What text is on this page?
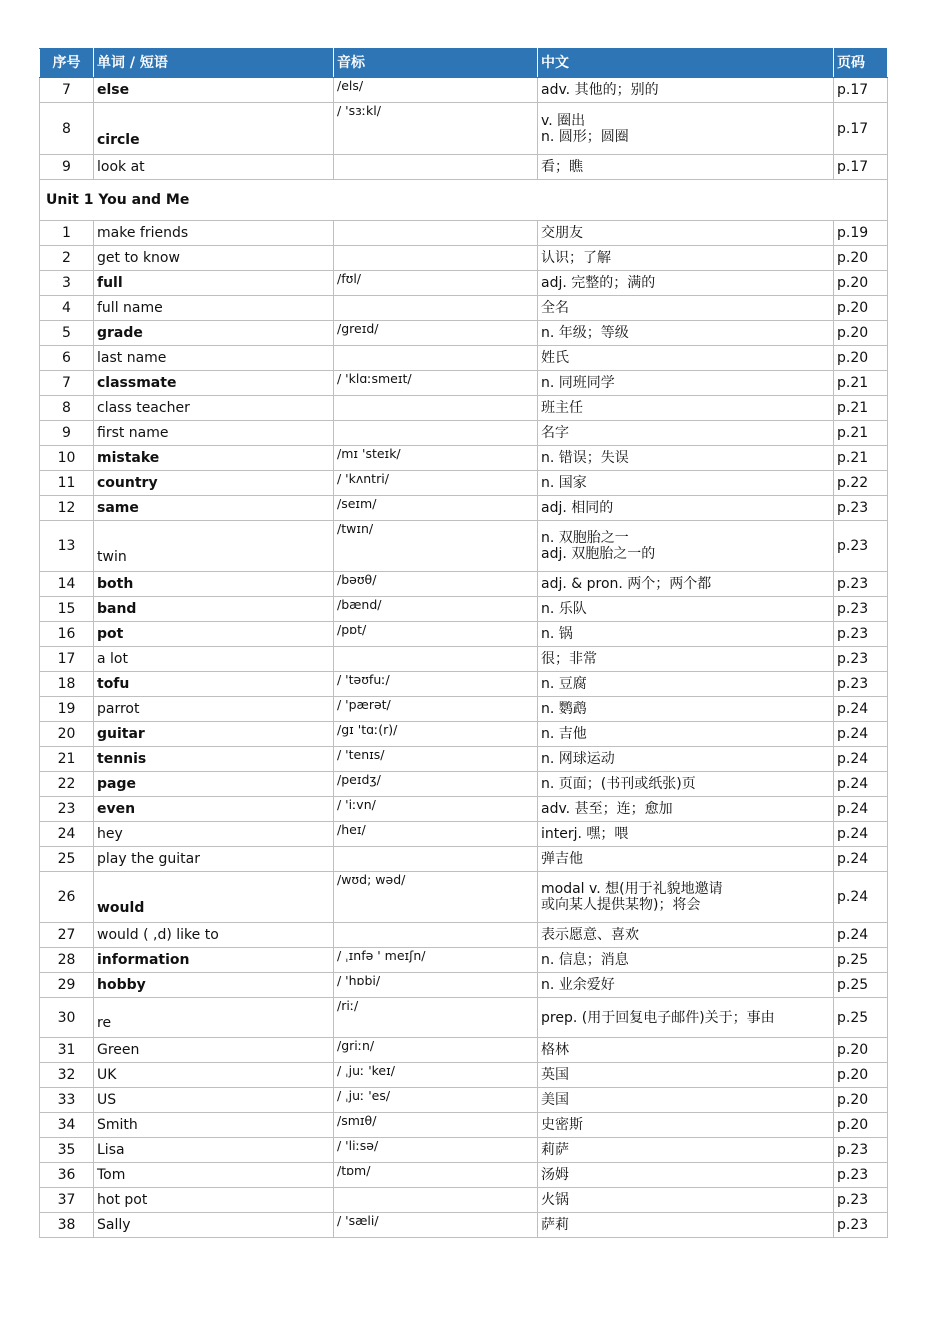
序号	单词 / 短语	音标	中文	页码
7	else	/els/	adv. 其他的；别的	p.17
8	circle	/ 'sɜːkl/	v. 圈出
n. 圆形；圆圈	p.17
9	look at		看；瞧	p.17
Unit 1 You and Me				
1	make friends		交朋友	p.19
2	get to know		认识；了解	p.20
3	full	/fʊl/	adj. 完整的；满的	p.20
4	full name		全名	p.20
5	grade	/greɪd/	n. 年级；等级	p.20
6	last name		姓氏	p.20
7	classmate	/ 'klɑːsmeɪt/	n. 同班同学	p.21
8	class teacher		班主任	p.21
9	first name		名字	p.21
10	mistake	/mɪ 'steɪk/	n. 错误；失误	p.21
11	country	/ 'kʌntri/	n. 国家	p.22
12	same	/seɪm/	adj. 相同的	p.23
13	twin	/twɪn/	n. 双胞胎之一
adj. 双胞胎之一的	p.23
14	both	/bəʊθ/	adj. & pron. 两个；两个都	p.23
15	band	/bænd/	n. 乐队	p.23
16	pot	/pɒt/	n. 锅	p.23
17	a lot		很；非常	p.23
18	tofu	/ 'təʊfuː/	n. 豆腐	p.23
19	parrot	/ 'pærət/	n. 鹦鹉	p.24
20	guitar	/gɪ 'tɑː(r)/	n. 吉他	p.24
21	tennis	/ 'tenɪs/	n. 网球运动	p.24
22	page	/peɪdʒ/	n. 页面；(书刊或纸张)页	p.24
23	even	/ 'iːvn/	adv. 甚至；连；愈加	p.24
24	hey	/heɪ/	interj. 嘿；喂	p.24
25	play the guitar		弹吉他	p.24
26	would	/wʊd; wəd/	modal v. 想(用于礼貌地邀请
或向某人提供某物)；将会	p.24
27	would ( ,d) like to		表示愿意、喜欢	p.24
28	information	/ ˌɪnfə ' meɪʃn/	n. 信息；消息	p.25
29	hobby	/ 'hɒbi/	n. 业余爱好	p.25
30	re	/riː/	prep. (用于回复电子邮件)关于；事由	p.25
31	Green	/griːn/	格林	p.20
32	UK	/ ˌjuː 'keɪ/	英国	p.20
33	US	/ ˌjuː 'es/	美国	p.20
34	Smith	/smɪθ/	史密斯	p.20
35	Lisa	/ 'liːsə/	莉萨	p.23
36	Tom	/tɒm/	汤姆	p.23
37	hot pot		火锅	p.23
38	Sally	/ 'sæli/	萨莉	p.23
